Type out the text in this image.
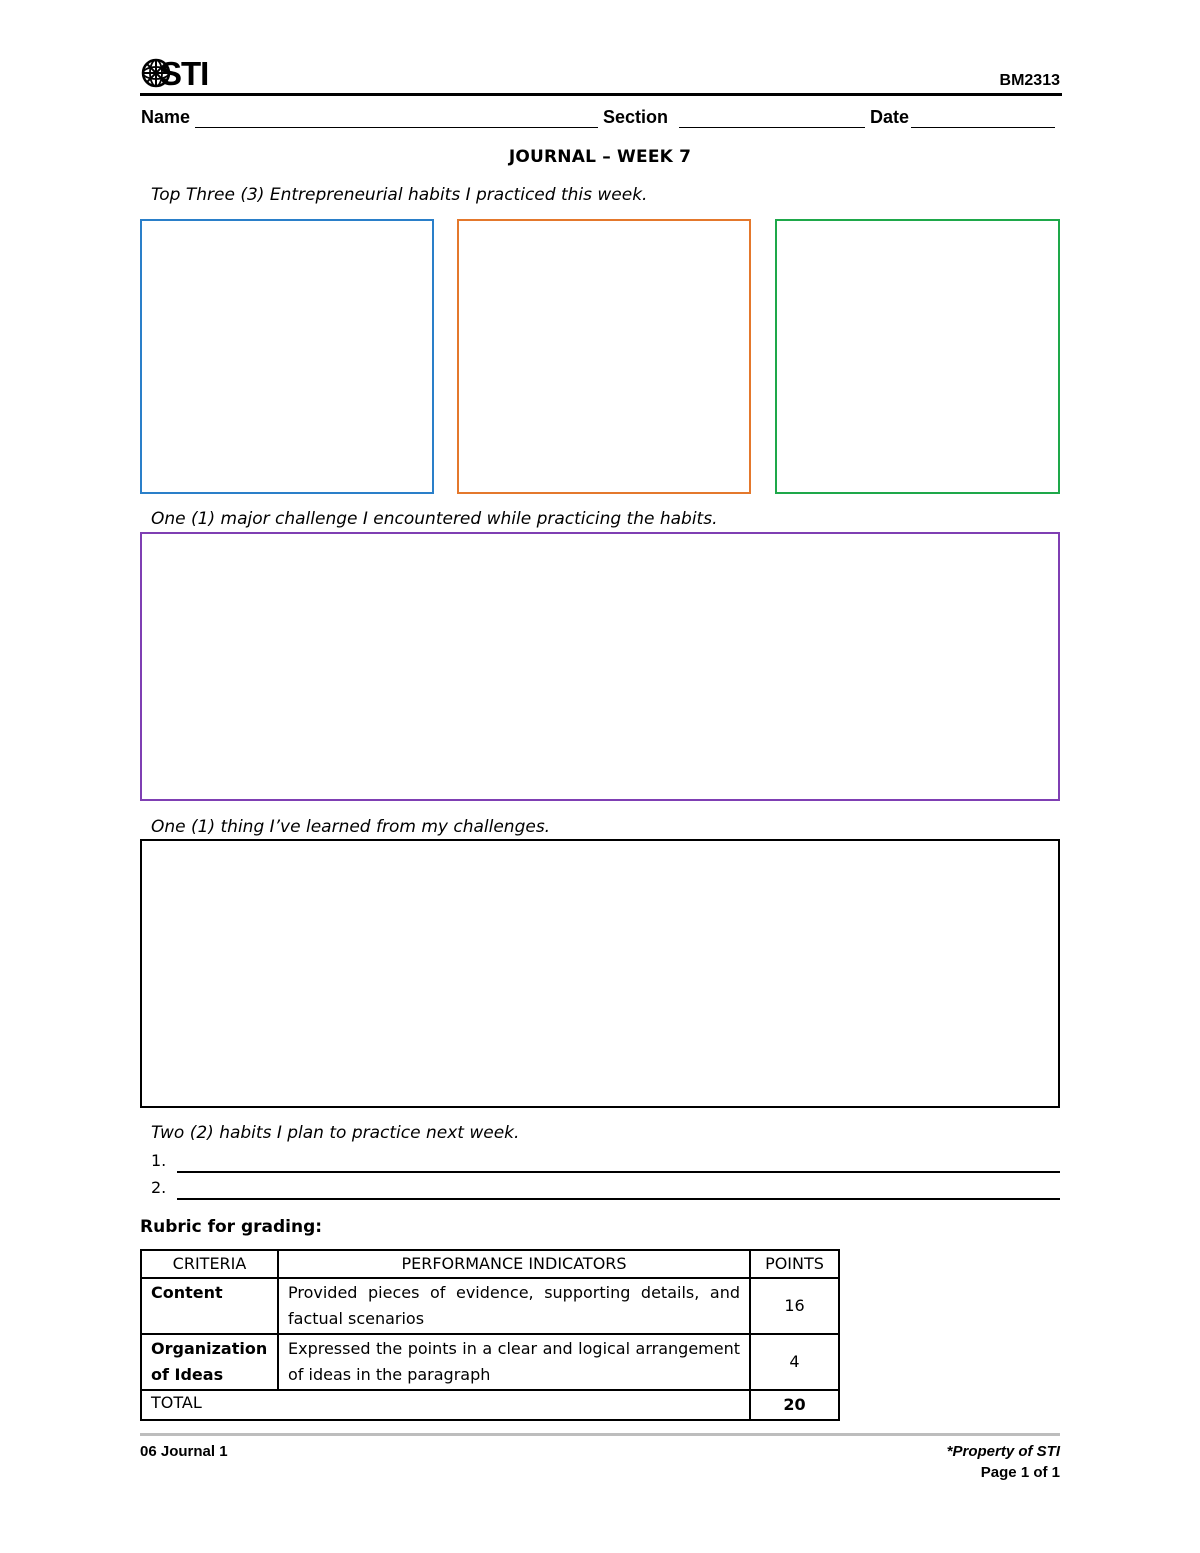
STI	BM2313
Name	Section	Date
JOURNAL – WEEK 7
Top Three (3) Entrepreneurial habits I practiced this week.
One (1) major challenge I encountered while practicing the habits.
One (1) thing I’ve learned from my challenges.
Two (2) habits I plan to practice next week.
1.
2.
Rubric for grading:
CRITERIA	PERFORMANCE INDICATORS	POINTS
Content	Provided pieces of evidence, supporting details, and factual scenarios	16
Organization of Ideas	Expressed the points in a clear and logical arrangement of ideas in the paragraph	4
TOTAL		20
06 Journal 1	*Property of STI
Page 1 of 1
